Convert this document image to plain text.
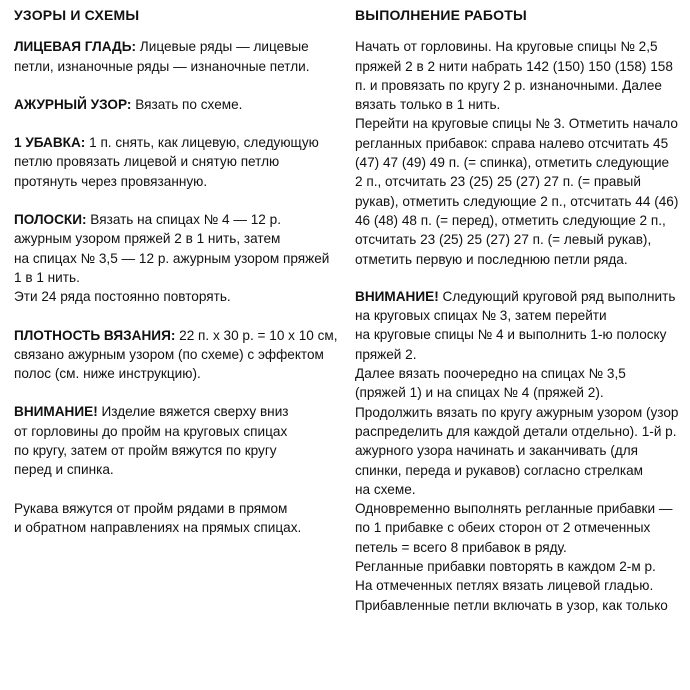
УЗОРЫ И СХЕМЫ
ЛИЦЕВАЯ ГЛАДЬ: Лицевые ряды — лицевые
петли, изнаночные ряды — изнаночные петли.
АЖУРНЫЙ УЗОР: Вязать по схеме.
1 УБАВКА: 1 п. снять, как лицевую, следующую
петлю провязать лицевой и снятую петлю
протянуть через провязанную.
ПОЛОСКИ: Вязать на спицах № 4 — 12 р.
ажурным узором пряжей 2 в 1 нить, затем
на спицах № 3,5 — 12 р. ажурным узором пряжей
1 в 1 нить.
Эти 24 ряда постоянно повторять.
ПЛОТНОСТЬ ВЯЗАНИЯ: 22 п. х 30 р. = 10 х 10 см,
связано ажурным узором (по схеме) с эффектом
полос (см. ниже инструкцию).
ВНИМАНИЕ! Изделие вяжется сверху вниз
от горловины до пройм на круговых спицах
по кругу, затем от пройм вяжутся по кругу
перед и спинка.
Рукава вяжутся от пройм рядами в прямом
и обратном направлениях на прямых спицах.
ВЫПОЛНЕНИЕ РАБОТЫ
Начать от горловины. На круговые спицы № 2,5
пряжей 2 в 2 нити набрать 142 (150) 150 (158) 158
п. и провязать по кругу 2 р. изнаночными. Далее
вязать только в 1 нить.
Перейти на круговые спицы № 3. Отметить начало
регланных прибавок: справа налево отсчитать 45
(47) 47 (49) 49 п. (= спинка), отметить следующие
2 п., отсчитать 23 (25) 25 (27) 27 п. (= правый
рукав), отметить следующие 2 п., отсчитать 44 (46)
46 (48) 48 п. (= перед), отметить следующие 2 п.,
отсчитать 23 (25) 25 (27) 27 п. (= левый рукав),
отметить первую и последнюю петли ряда.
ВНИМАНИЕ! Следующий круговой ряд выполнить
на круговых спицах № 3, затем перейти
на круговые спицы № 4 и выполнить 1-ю полоску
пряжей 2.
Далее вязать поочередно на спицах № 3,5
(пряжей 1) и на спицах № 4 (пряжей 2).
Продолжить вязать по кругу ажурным узором (узор
распределить для каждой детали отдельно). 1-й р.
ажурного узора начинать и заканчивать (для
спинки, переда и рукавов) согласно стрелкам
на схеме.
Одновременно выполнять регланные прибавки —
по 1 прибавке с обеих сторон от 2 отмеченных
петель = всего 8 прибавок в ряду.
Регланные прибавки повторять в каждом 2-м р.
На отмеченных петлях вязать лицевой гладью.
Прибавленные петли включать в узор, как только
